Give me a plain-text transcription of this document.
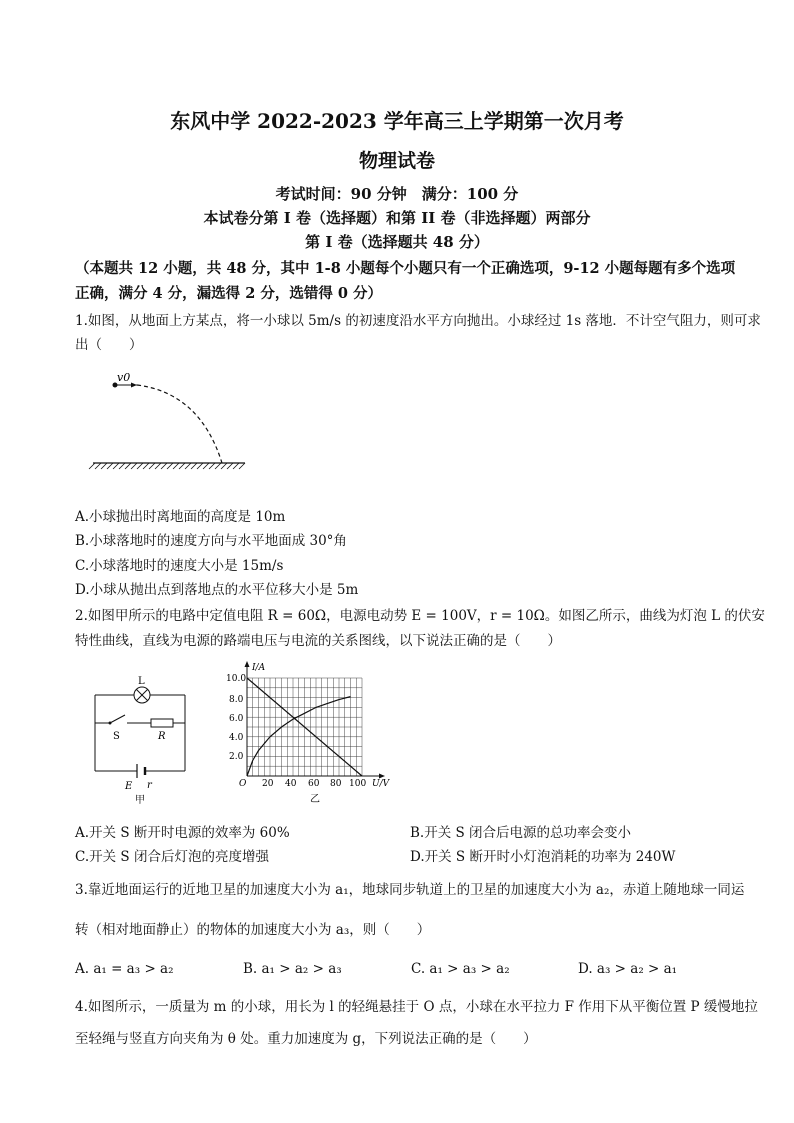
东风中学 2022-2023 学年高三上学期第一次月考
物理试卷
考试时间：90 分钟　满分：100 分
本试卷分第 I 卷（选择题）和第 II 卷（非选择题）两部分
第 I 卷（选择题共 48 分）
（本题共 12 小题，共 48 分，其中 1-8 小题每个小题只有一个正确选项，9-12 小题每题有多个选项
正确，满分 4 分，漏选得 2 分，选错得 0 分）
1.如图，从地面上方某点，将一小球以 5m/s 的初速度沿水平方向抛出。小球经过 1s 落地．不计空气阻力，则可求
出（　　）
v0
A.小球抛出时离地面的高度是 10m
B.小球落地时的速度方向与水平地面成 30°角
C.小球落地时的速度大小是 15m/s
D.小球从抛出点到落地点的水平位移大小是 5m
2.如图甲所示的电路中定值电阻 R = 60Ω，电源电动势 E = 100V，r = 10Ω。如图乙所示，曲线为灯泡 L 的伏安
特性曲线，直线为电源的路端电压与电流的关系图线，以下说法正确的是（　　）
L
S	R
E r
甲
I/A
U/V
O
10.0
8.0
6.0
4.0
2.0
20 40 60 80 100
乙
A.开关 S 断开时电源的效率为 60%	B.开关 S 闭合后电源的总功率会变小
C.开关 S 闭合后灯泡的亮度增强	D.开关 S 断开时小灯泡消耗的功率为 240W
3.靠近地面运行的近地卫星的加速度大小为 a₁，地球同步轨道上的卫星的加速度大小为 a₂，赤道上随地球一同运
转（相对地面静止）的物体的加速度大小为 a₃，则（　　）
A. a₁ = a₃ > a₂	B. a₁ > a₂ > a₃	C. a₁ > a₃ > a₂	D. a₃ > a₂ > a₁
4.如图所示，一质量为 m 的小球，用长为 l 的轻绳悬挂于 O 点，小球在水平拉力 F 作用下从平衡位置 P 缓慢地拉
至轻绳与竖直方向夹角为 θ 处。重力加速度为 g，下列说法正确的是（　　）
